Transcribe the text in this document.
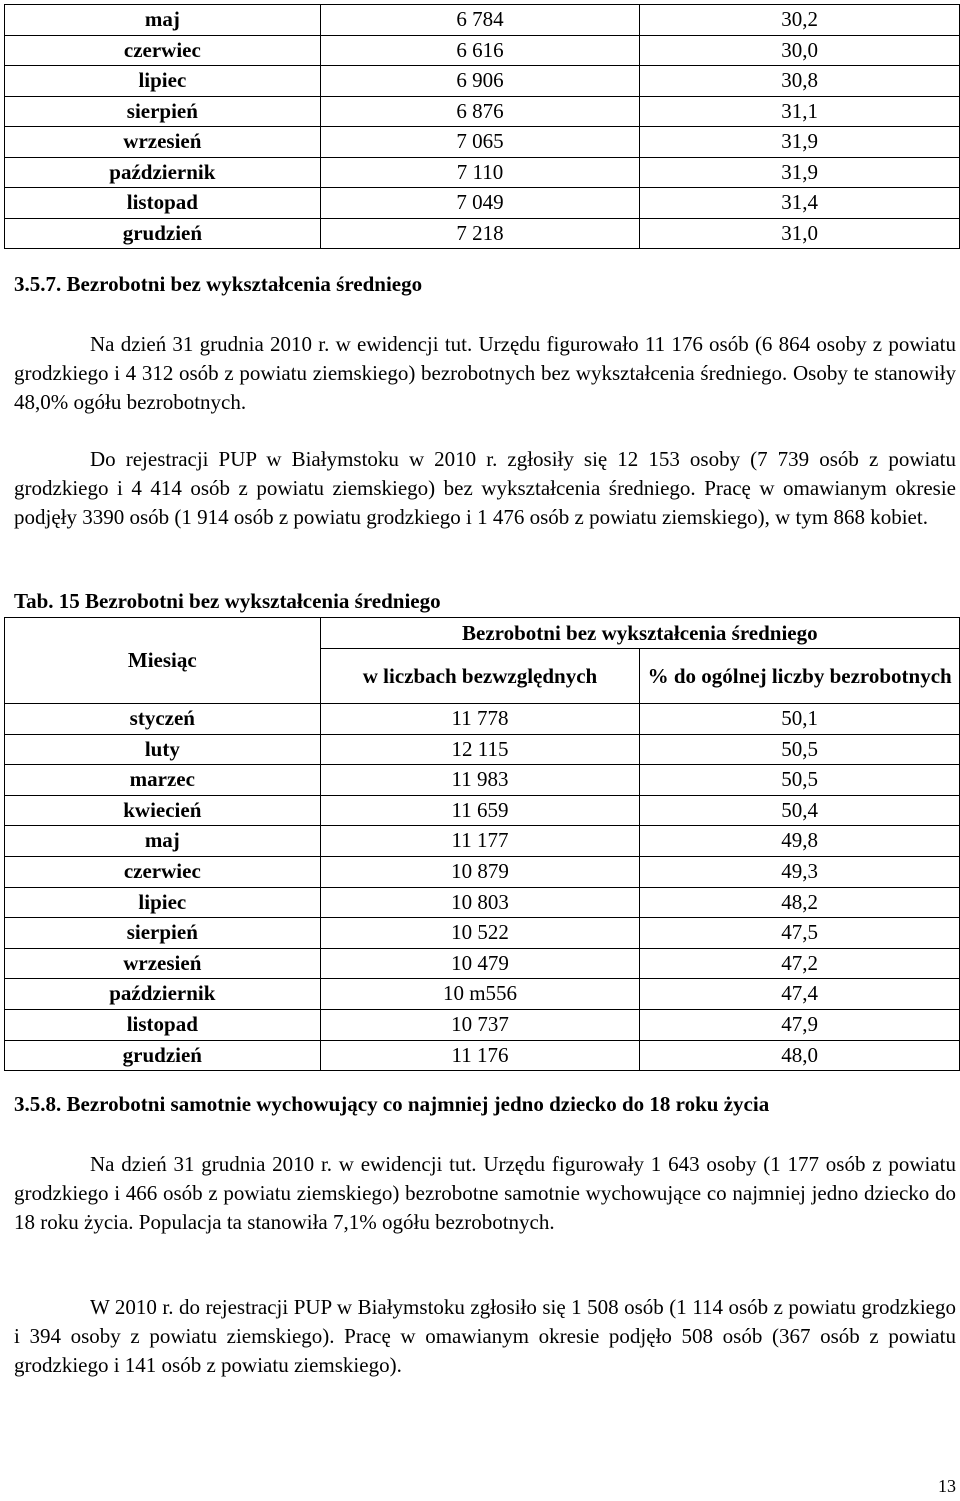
maj	6 784	30,2
czerwiec	6 616	30,0
lipiec	6 906	30,8
sierpień	6 876	31,1
wrzesień	7 065	31,9
październik	7 110	31,9
listopad	7 049	31,4
grudzień	7 218	31,0
3.5.7. Bezrobotni bez wykształcenia średniego
Na dzień 31 grudnia 2010 r. w ewidencji tut. Urzędu figurowało 11 176 osób (6 864 osoby z powiatu grodzkiego i 4 312 osób z powiatu ziemskiego) bezrobotnych bez wykształcenia średniego. Osoby te stanowiły 48,0% ogółu bezrobotnych.
Do rejestracji PUP w Białymstoku w 2010 r. zgłosiły się 12 153 osoby (7 739 osób z powiatu grodzkiego i 4 414 osób z powiatu ziemskiego) bez wykształcenia średniego. Pracę w omawianym okresie podjęły 3390 osób (1 914 osób z powiatu grodzkiego i 1 476 osób z powiatu ziemskiego), w tym 868 kobiet.
Tab. 15 Bezrobotni bez wykształcenia średniego
Miesiąc	Bezrobotni bez wykształcenia średniego	
	w liczbach bezwzględnych	% do ogólnej liczby bezrobotnych
styczeń	11 778	50,1
luty	12 115	50,5
marzec	11 983	50,5
kwiecień	11 659	50,4
maj	11 177	49,8
czerwiec	10 879	49,3
lipiec	10 803	48,2
sierpień	10 522	47,5
wrzesień	10 479	47,2
październik	10 m556	47,4
listopad	10 737	47,9
grudzień	11 176	48,0
3.5.8. Bezrobotni samotnie wychowujący co najmniej jedno dziecko do 18 roku życia
Na dzień 31 grudnia 2010 r. w ewidencji tut. Urzędu figurowały 1 643 osoby (1 177 osób z powiatu grodzkiego i 466 osób z powiatu ziemskiego) bezrobotne samotnie wychowujące co najmniej jedno dziecko do 18 roku życia. Populacja ta stanowiła 7,1% ogółu bezrobotnych.
W 2010 r. do rejestracji PUP w Białymstoku zgłosiło się 1 508 osób (1 114 osób z powiatu grodzkiego i 394 osoby z powiatu ziemskiego). Pracę w omawianym okresie podjęło 508 osób (367 osób z powiatu grodzkiego i 141 osób z powiatu ziemskiego).
13
